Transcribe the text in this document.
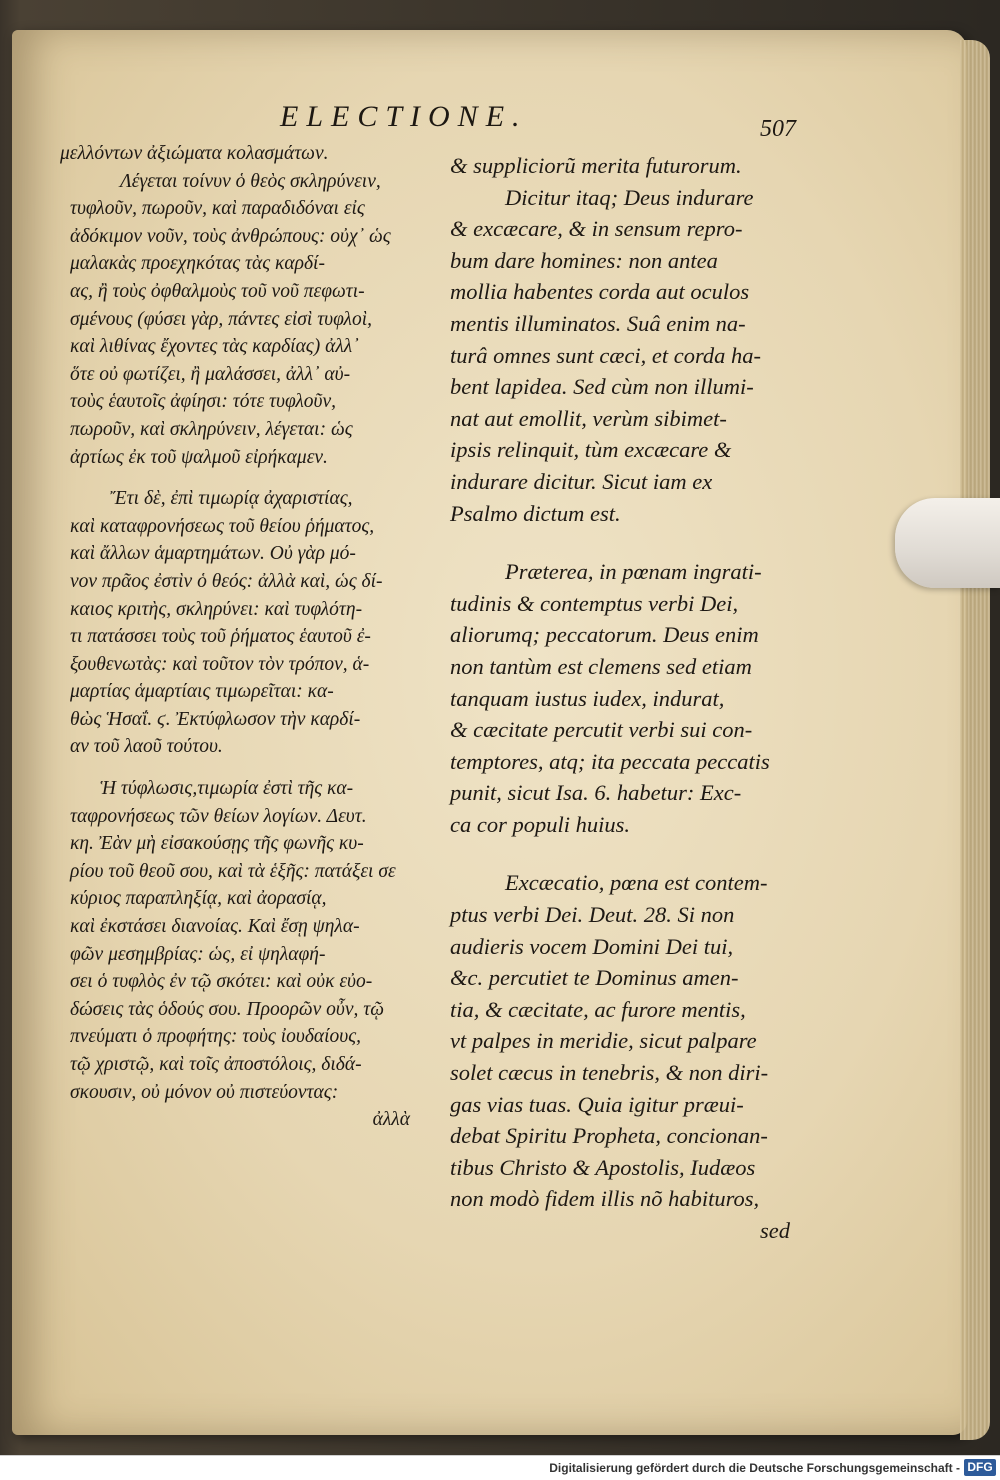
ELECTIONE.	507
μελλόντων ἀξιώματα κολασμάτων.
Λέγεται τοίνυν ὁ θεὸς σκληρύνειν,
τυφλοῦν, πωροῦν, καὶ παραδιδόναι εἰς
ἀδόκιμον νοῦν, τοὺς ἀνθρώπους: οὐχ᾽ ὡς
μαλακὰς προεχηκότας τὰς καρδί-
ας, ἢ τοὺς ὀφθαλμοὺς τοῦ νοῦ πεφωτι-
σμένους (φύσει γὰρ, πάντες εἰσὶ τυφλοὶ,
καὶ λιθίνας ἔχοντες τὰς καρδίας) ἀλλ᾽
ὅτε οὐ φωτίζει, ἢ μαλάσσει, ἀλλ᾽ αὐ-
τοὺς ἑαυτοῖς ἀφίησι: τότε τυφλοῦν,
πωροῦν, καὶ σκληρύνειν, λέγεται: ὡς
ἀρτίως ἐκ τοῦ ψαλμοῦ εἰρήκαμεν.
Ἔτι δὲ, ἐπὶ τιμωρίᾳ ἀχαριστίας,
καὶ καταφρονήσεως τοῦ θείου ῥήματος,
καὶ ἄλλων ἁμαρτημάτων. Οὐ γὰρ μό-
νον πρᾶος ἐστὶν ὁ θεός: ἀλλὰ καὶ, ὡς δί-
καιος κριτὴς, σκληρύνει: καὶ τυφλότη-
τι πατάσσει τοὺς τοῦ ῥήματος ἑαυτοῦ ἐ-
ξουθενωτὰς: καὶ τοῦτον τὸν τρόπον, ἁ-
μαρτίας ἁμαρτίαις τιμωρεῖται: κα-
θὼς Ἡσαΐ. ϛ. Ἐκτύφλωσον τὴν καρδί-
αν τοῦ λαοῦ τούτου.
Ἡ τύφλωσις,τιμωρία ἐστὶ τῆς κα-
ταφρονήσεως τῶν θείων λογίων. Δευτ.
κη. Ἐὰν μὴ εἰσακούσῃς τῆς φωνῆς κυ-
ρίου τοῦ θεοῦ σου, καὶ τὰ ἑξῆς: πατάξει σε
κύριος παραπληξίᾳ, καὶ ἀορασίᾳ,
καὶ ἐκστάσει διανοίας. Καὶ ἔσῃ ψηλα-
φῶν μεσημβρίας: ὡς, εἰ ψηλαφή-
σει ὁ τυφλὸς ἐν τῷ σκότει: καὶ οὐκ εὐο-
δώσεις τὰς ὁδούς σου. Προορῶν οὖν, τῷ
πνεύματι ὁ προφήτης: τοὺς ἰουδαίους,
τῷ χριστῷ, καὶ τοῖς ἀποστόλοις, διδά-
σκουσιν, οὐ μόνον οὐ πιστεύοντας:
ἀλλὰ
& suppliciorũ merita futurorum.
Dicitur itaq; Deus indurare
& excæcare, & in sensum repro-
bum dare homines: non antea
mollia habentes corda aut oculos
mentis illuminatos. Suâ enim na-
turâ omnes sunt cæci, et corda ha-
bent lapidea. Sed cùm non illumi-
nat aut emollit, verùm sibimet-
ipsis relinquit, tùm excæcare &
indurare dicitur. Sicut iam ex
Psalmo dictum est.
Præterea, in pœnam ingrati-
tudinis & contemptus verbi Dei,
aliorumq; peccatorum. Deus enim
non tantùm est clemens sed etiam
tanquam iustus iudex, indurat,
& cæcitate percutit verbi sui con-
temptores, atq; ita peccata peccatis
punit, sicut Isa. 6. habetur: Exc-
ca cor populi huius.
Excæcatio, pœna est contem-
ptus verbi Dei. Deut. 28. Si non
audieris vocem Domini Dei tui,
&c. percutiet te Dominus amen-
tia, & cæcitate, ac furore mentis,
vt palpes in meridie, sicut palpare
solet cæcus in tenebris, & non diri-
gas vias tuas. Quia igitur præui-
debat Spiritu Propheta, concionan-
tibus Christo & Apostolis, Iudæos
non modò fidem illis nõ habituros,
sed
Digitalisierung gefördert durch die Deutsche Forschungsgemeinschaft - DFG
